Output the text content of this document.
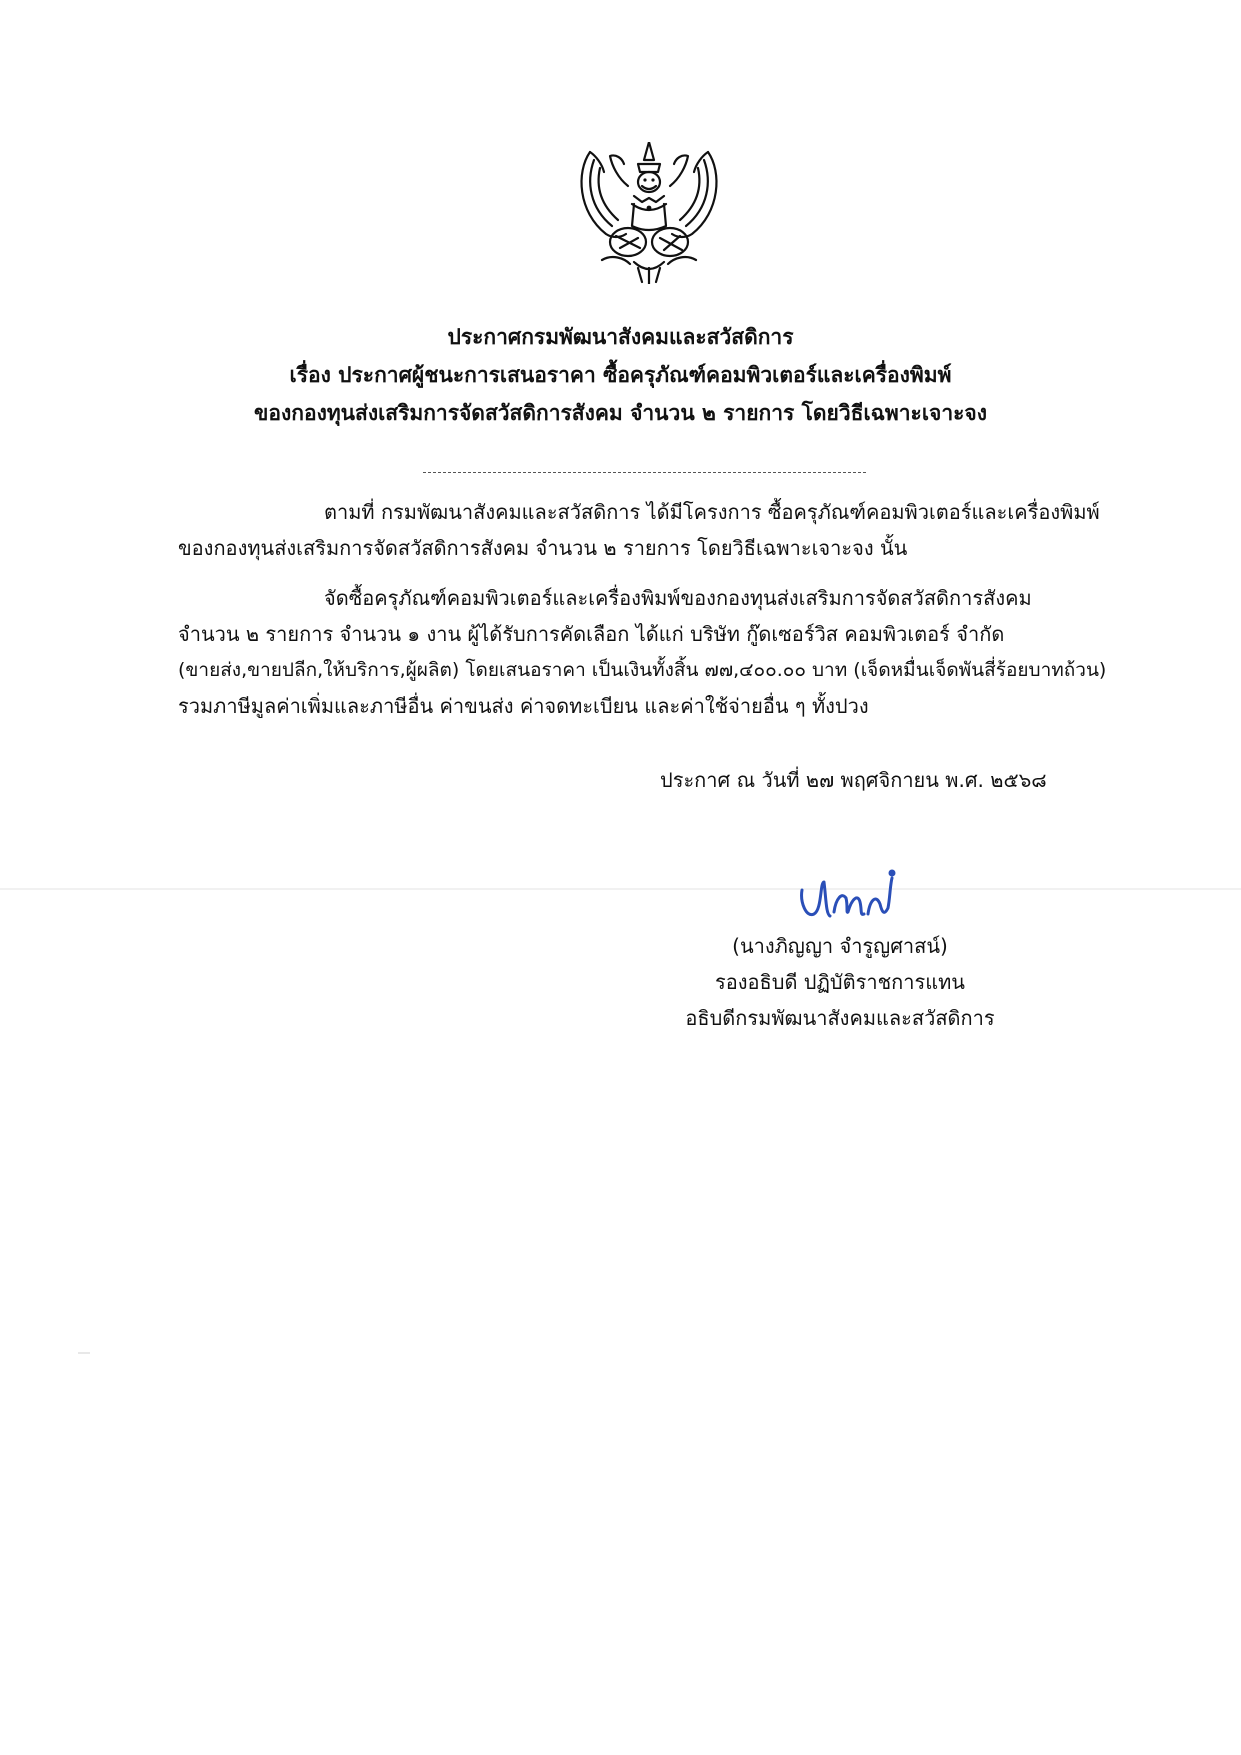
ประกาศกรมพัฒนาสังคมและสวัสดิการ
เรื่อง ประกาศผู้ชนะการเสนอราคา ซื้อครุภัณฑ์คอมพิวเตอร์และเครื่องพิมพ์
ของกองทุนส่งเสริมการจัดสวัสดิการสังคม จำนวน ๒ รายการ โดยวิธีเฉพาะเจาะจง
ตามที่ กรมพัฒนาสังคมและสวัสดิการ ได้มีโครงการ ซื้อครุภัณฑ์คอมพิวเตอร์และเครื่องพิมพ์
ของกองทุนส่งเสริมการจัดสวัสดิการสังคม จำนวน ๒ รายการ โดยวิธีเฉพาะเจาะจง นั้น
จัดซื้อครุภัณฑ์คอมพิวเตอร์และเครื่องพิมพ์ของกองทุนส่งเสริมการจัดสวัสดิการสังคม
จำนวน ๒ รายการ จำนวน ๑ งาน ผู้ได้รับการคัดเลือก ได้แก่ บริษัท กู๊ดเซอร์วิส คอมพิวเตอร์ จำกัด
(ขายส่ง,ขายปลีก,ให้บริการ,ผู้ผลิต) โดยเสนอราคา เป็นเงินทั้งสิ้น ๗๗,๔๐๐.๐๐ บาท (เจ็ดหมื่นเจ็ดพันสี่ร้อยบาทถ้วน)
รวมภาษีมูลค่าเพิ่มและภาษีอื่น ค่าขนส่ง ค่าจดทะเบียน และค่าใช้จ่ายอื่น ๆ ทั้งปวง
ประกาศ ณ วันที่ ๒๗ พฤศจิกายน พ.ศ. ๒๕๖๘
(นางภิญญา จำรูญศาสน์)
รองอธิบดี ปฏิบัติราชการแทน
อธิบดีกรมพัฒนาสังคมและสวัสดิการ
